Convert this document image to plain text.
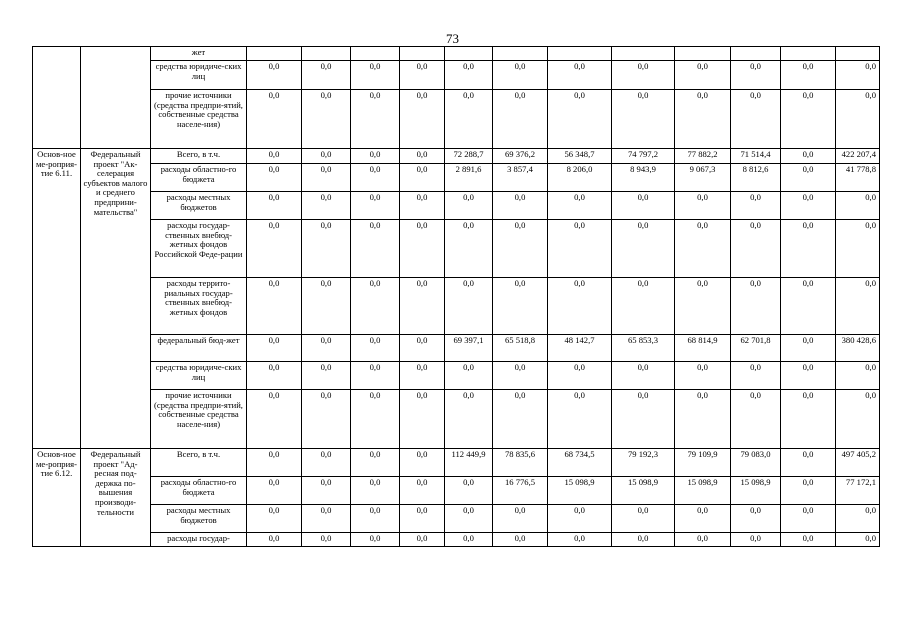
73
		жет												
		средства юридиче-ских лиц	0,0	0,0	0,0	0,0	0,0	0,0	0,0	0,0	0,0	0,0	0,0	0,0
		прочие источники (средства предпри-ятий, собственные средства населе-ния)	0,0	0,0	0,0	0,0	0,0	0,0	0,0	0,0	0,0	0,0	0,0	0,0
Основ-ное ме-роприя-тие 6.11.	Федеральный проект "Ак-селерация субъектов малого и среднего предприни-мательства"	Всего, в т.ч.	0,0	0,0	0,0	0,0	72 288,7	69 376,2	56 348,7	74 797,2	77 882,2	71 514,4	0,0	422 207,4
		расходы областно-го бюджета	0,0	0,0	0,0	0,0	2 891,6	3 857,4	8 206,0	8 943,9	9 067,3	8 812,6	0,0	41 778,8
		расходы местных бюджетов	0,0	0,0	0,0	0,0	0,0	0,0	0,0	0,0	0,0	0,0	0,0	0,0
		расходы государ-ственных внебюд-жетных фондов Российской Феде-рации	0,0	0,0	0,0	0,0	0,0	0,0	0,0	0,0	0,0	0,0	0,0	0,0
		расходы террито-риальных государ-ственных внебюд-жетных фондов	0,0	0,0	0,0	0,0	0,0	0,0	0,0	0,0	0,0	0,0	0,0	0,0
		федеральный бюд-жет	0,0	0,0	0,0	0,0	69 397,1	65 518,8	48 142,7	65 853,3	68 814,9	62 701,8	0,0	380 428,6
		средства юридиче-ских лиц	0,0	0,0	0,0	0,0	0,0	0,0	0,0	0,0	0,0	0,0	0,0	0,0
		прочие источники (средства предпри-ятий, собственные средства населе-ния)	0,0	0,0	0,0	0,0	0,0	0,0	0,0	0,0	0,0	0,0	0,0	0,0
Основ-ное ме-роприя-тие 6.12.	Федеральный проект "Ад-ресная под-держка по-вышения производи-тельности	Всего, в т.ч.	0,0	0,0	0,0	0,0	112 449,9	78 835,6	68 734,5	79 192,3	79 109,9	79 083,0	0,0	497 405,2
		расходы областно-го бюджета	0,0	0,0	0,0	0,0	0,0	16 776,5	15 098,9	15 098,9	15 098,9	15 098,9	0,0	77 172,1
		расходы местных бюджетов	0,0	0,0	0,0	0,0	0,0	0,0	0,0	0,0	0,0	0,0	0,0	0,0
		расходы государ-	0,0	0,0	0,0	0,0	0,0	0,0	0,0	0,0	0,0	0,0	0,0	0,0
